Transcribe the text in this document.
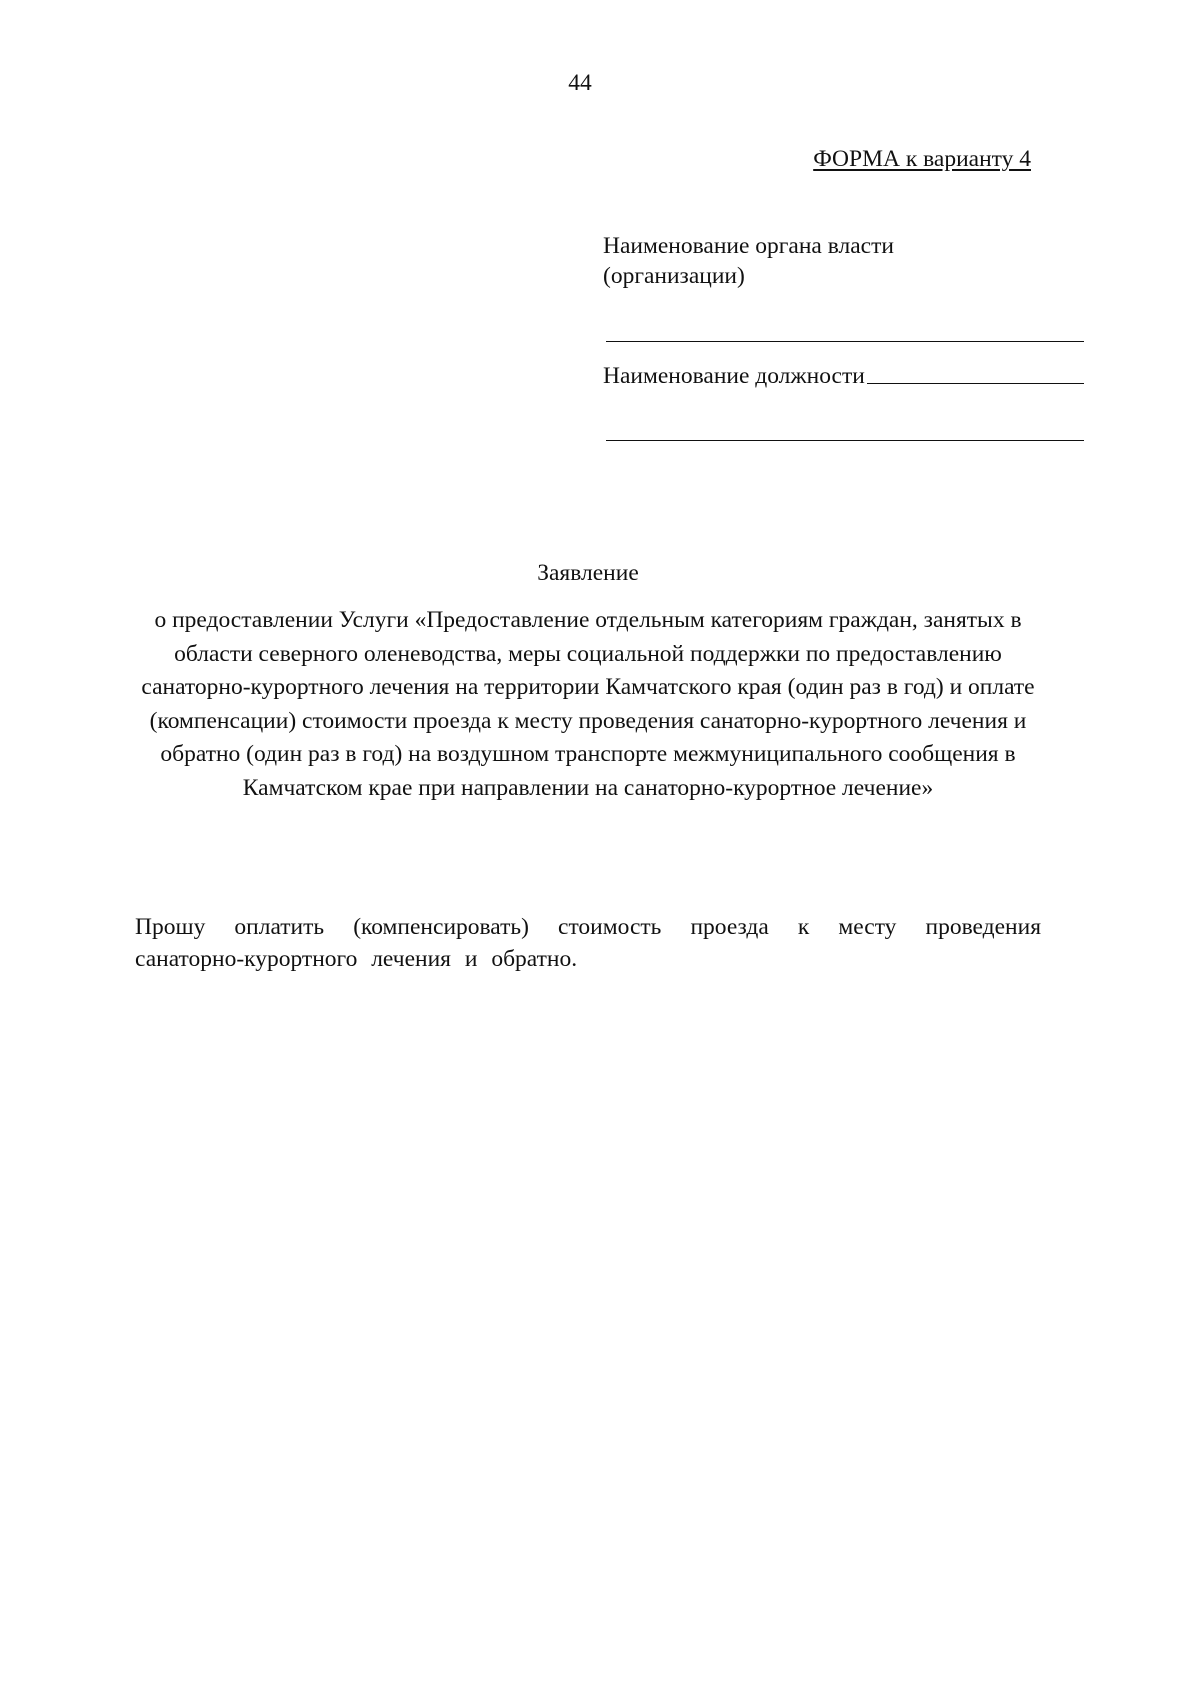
44
ФОРМА к варианту 4
Наименование органа власти
(организации)
Наименование должности
Заявление
о предоставлении Услуги «Предоставление отдельным категориям граждан, занятых в области северного оленеводства, меры социальной поддержки по предоставлению санаторно-курортного лечения на территории Камчатского края (один раз в год) и оплате (компенсации) стоимости проезда к месту проведения санаторно-курортного лечения и обратно (один раз в год) на воздушном транспорте межмуниципального сообщения в Камчатском крае при направлении на санаторно-курортное лечение»
Прошу оплатить (компенсировать) стоимость проезда к месту проведения санаторно-курортного лечения и обратно.
